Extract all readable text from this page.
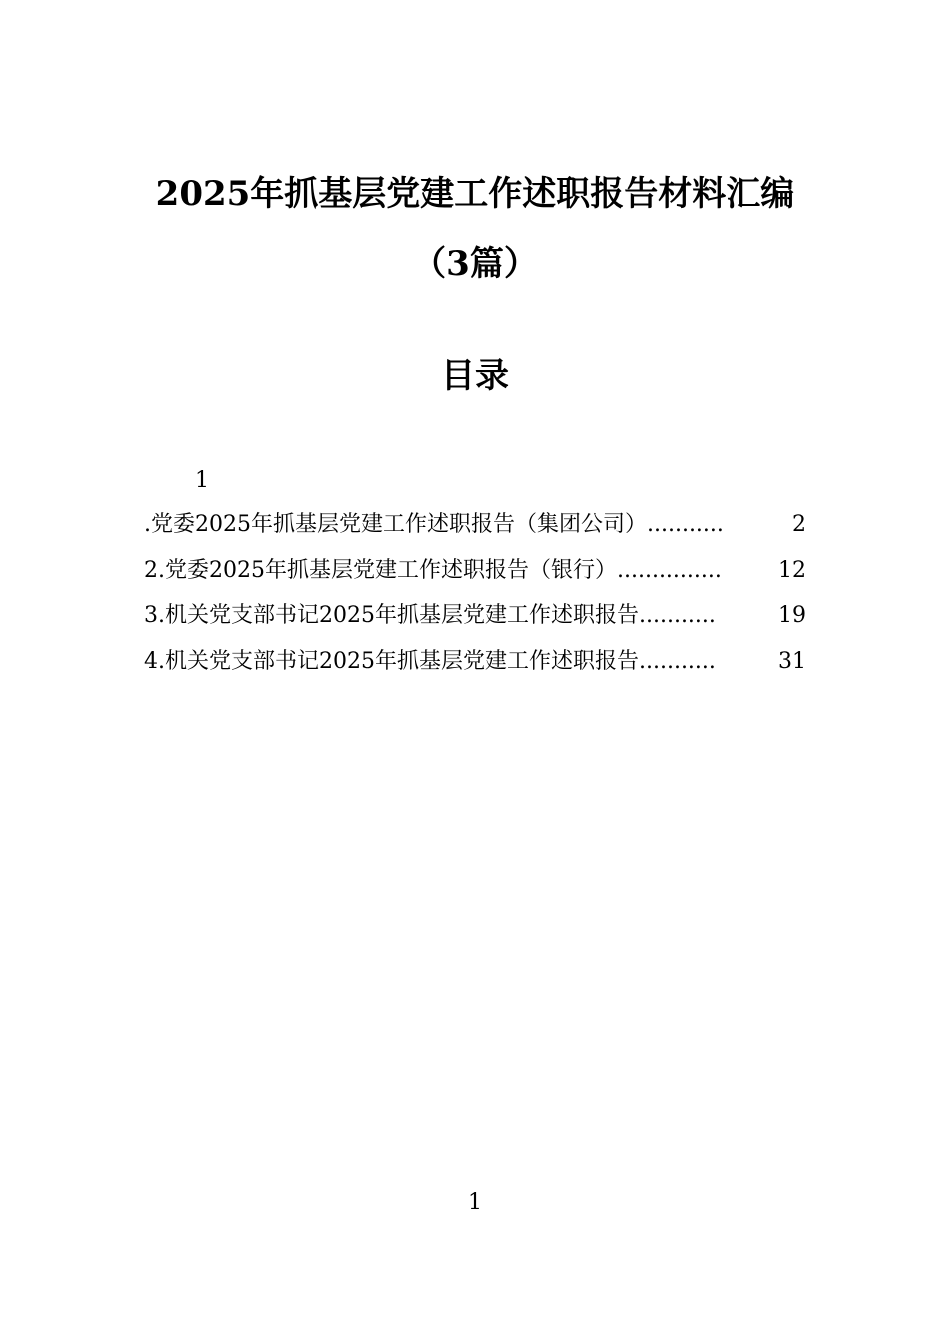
2025年抓基层党建工作述职报告材料汇编
（3篇）
目录
1
.党委2025年抓基层党建工作述职报告（集团公司） ...........	2
2.党委2025年抓基层党建工作述职报告（银行） ...............	12
3.机关党支部书记2025年抓基层党建工作述职报告 ...........	19
4.机关党支部书记2025年抓基层党建工作述职报告 ...........	31
1
